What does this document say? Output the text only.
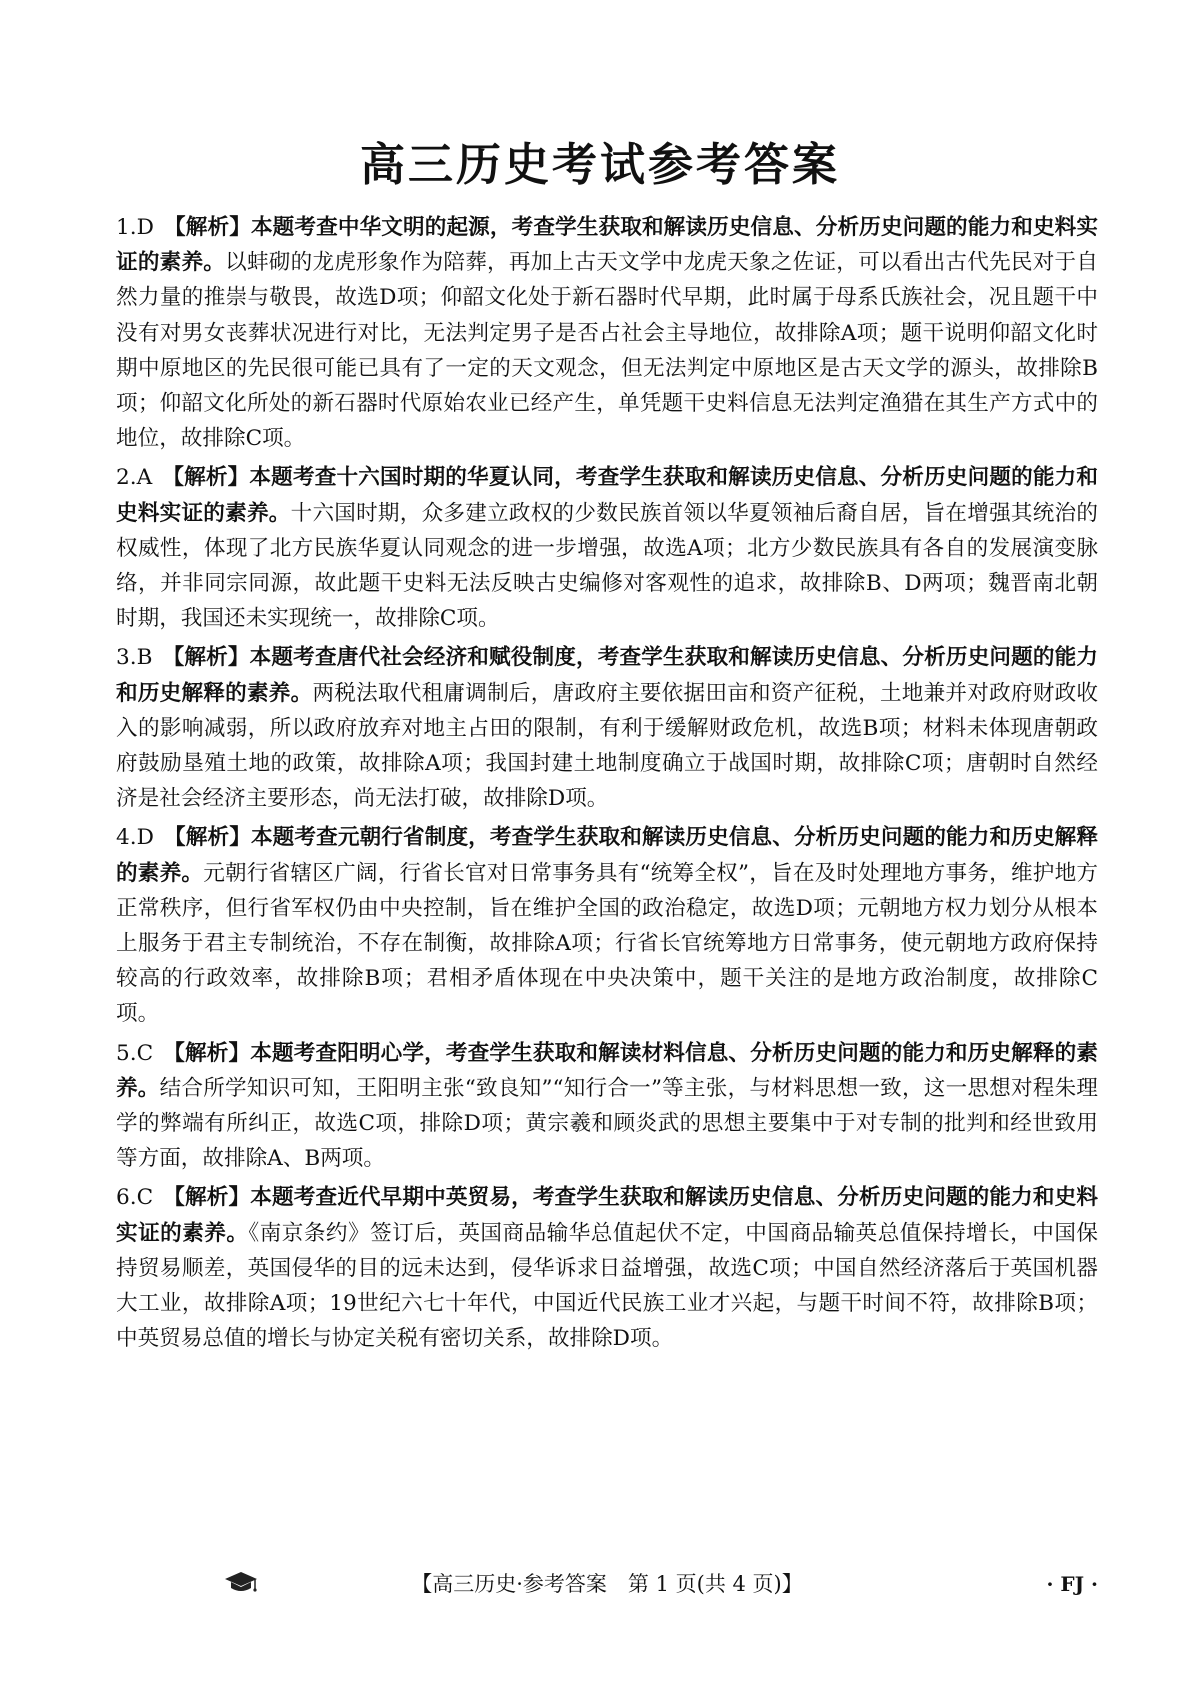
高三历史考试参考答案

1.D 【解析】本题考查中华文明的起源，考查学生获取和解读历史信息、分析历史问题的能力和史料实证的素养。以蚌砌的龙虎形象作为陪葬，再加上古天文学中龙虎天象之佐证，可以看出古代先民对于自然力量的推崇与敬畏，故选D项；仰韶文化处于新石器时代早期，此时属于母系氏族社会，况且题干中没有对男女丧葬状况进行对比，无法判定男子是否占社会主导地位，故排除A项；题干说明仰韶文化时期中原地区的先民很可能已具有了一定的天文观念，但无法判定中原地区是古天文学的源头，故排除B项；仰韶文化所处的新石器时代原始农业已经产生，单凭题干史料信息无法判定渔猎在其生产方式中的地位，故排除C项。

2.A 【解析】本题考查十六国时期的华夏认同，考查学生获取和解读历史信息、分析历史问题的能力和史料实证的素养。十六国时期，众多建立政权的少数民族首领以华夏领袖后裔自居，旨在增强其统治的权威性，体现了北方民族华夏认同观念的进一步增强，故选A项；北方少数民族具有各自的发展演变脉络，并非同宗同源，故此题干史料无法反映古史编修对客观性的追求，故排除B、D两项；魏晋南北朝时期，我国还未实现统一，故排除C项。

3.B 【解析】本题考查唐代社会经济和赋役制度，考查学生获取和解读历史信息、分析历史问题的能力和历史解释的素养。两税法取代租庸调制后，唐政府主要依据田亩和资产征税，土地兼并对政府财政收入的影响减弱，所以政府放弃对地主占田的限制，有利于缓解财政危机，故选B项；材料未体现唐朝政府鼓励垦殖土地的政策，故排除A项；我国封建土地制度确立于战国时期，故排除C项；唐朝时自然经济是社会经济主要形态，尚无法打破，故排除D项。

4.D 【解析】本题考查元朝行省制度，考查学生获取和解读历史信息、分析历史问题的能力和历史解释的素养。元朝行省辖区广阔，行省长官对日常事务具有“统筹全权”，旨在及时处理地方事务，维护地方正常秩序，但行省军权仍由中央控制，旨在维护全国的政治稳定，故选D项；元朝地方权力划分从根本上服务于君主专制统治，不存在制衡，故排除A项；行省长官统筹地方日常事务，使元朝地方政府保持较高的行政效率，故排除B项；君相矛盾体现在中央决策中，题干关注的是地方政治制度，故排除C项。

5.C 【解析】本题考查阳明心学，考查学生获取和解读材料信息、分析历史问题的能力和历史解释的素养。结合所学知识可知，王阳明主张“致良知”“知行合一”等主张，与材料思想一致，这一思想对程朱理学的弊端有所纠正，故选C项，排除D项；黄宗羲和顾炎武的思想主要集中于对专制的批判和经世致用等方面，故排除A、B两项。

6.C 【解析】本题考查近代早期中英贸易，考查学生获取和解读历史信息、分析历史问题的能力和史料实证的素养。《南京条约》签订后，英国商品输华总值起伏不定，中国商品输英总值保持增长，中国保持贸易顺差，英国侵华的目的远未达到，侵华诉求日益增强，故选C项；中国自然经济落后于英国机器大工业，故排除A项；19世纪六七十年代，中国近代民族工业才兴起，与题干时间不符，故排除B项；中英贸易总值的增长与协定关税有密切关系，故排除D项。

【高三历史·参考答案　第 1 页(共 4 页)】	· FJ ·
